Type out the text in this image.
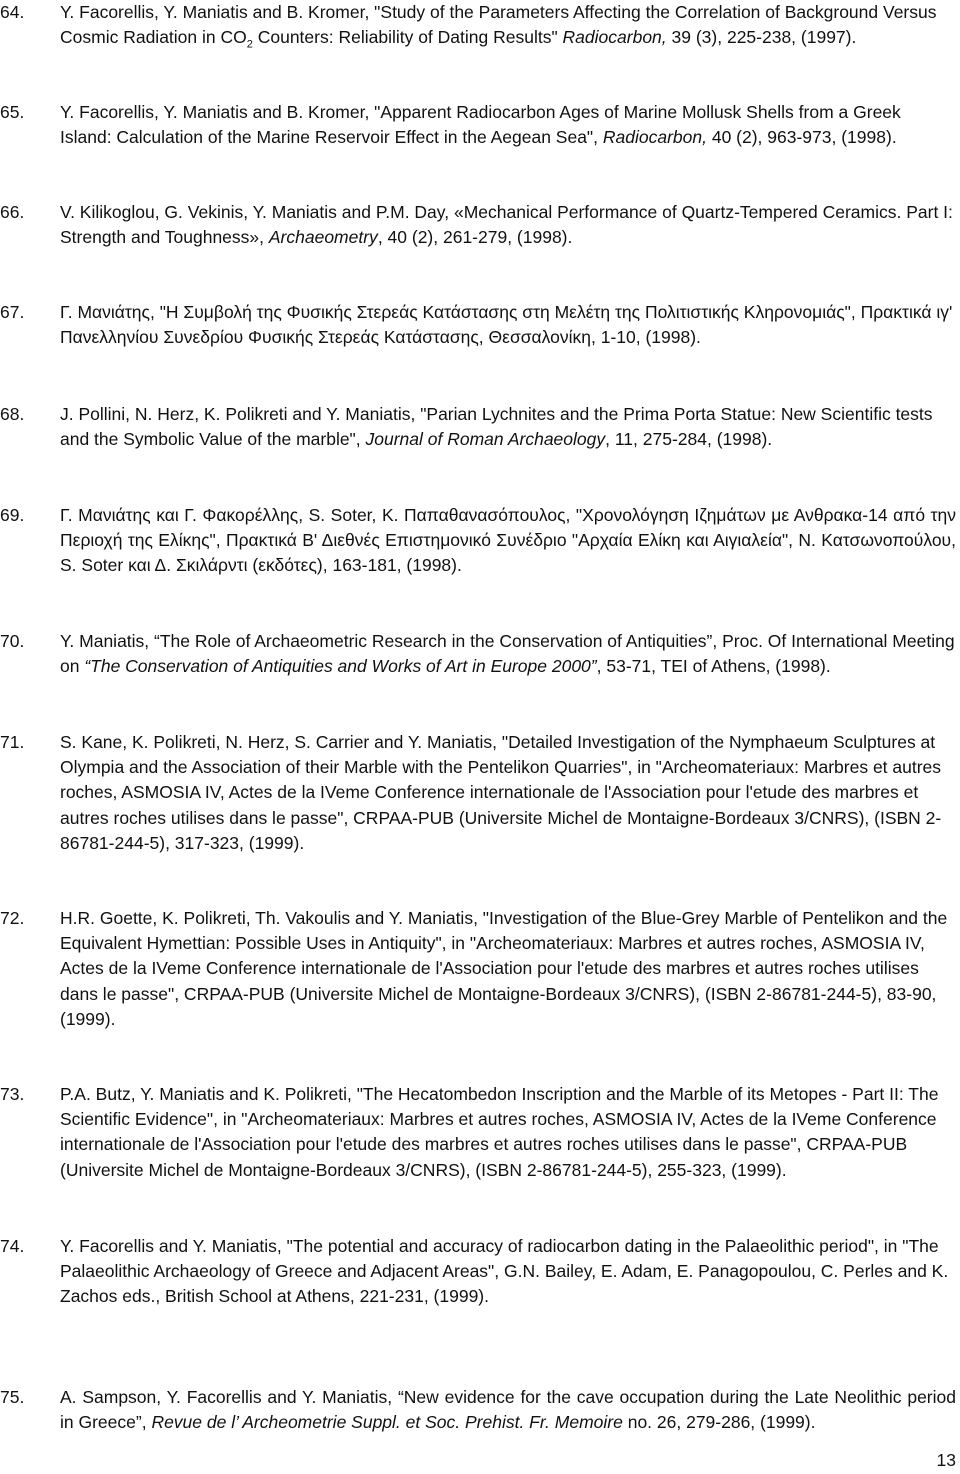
64.	Y. Facorellis, Y. Maniatis and B. Kromer, "Study of the Parameters Affecting the Correlation of Background Versus Cosmic Radiation in $CO_2$ Counters: Reliability of Dating Results" Radiocarbon, 39 (3), 225-238, (1997).
65.	Y. Facorellis, Y. Maniatis and B. Kromer, "Apparent Radiocarbon Ages of Marine Mollusk Shells from a Greek Island: Calculation of the Marine Reservoir Effect in the Aegean Sea", Radiocarbon, 40 (2), 963-973, (1998).
66.	V. Kilikoglou, G. Vekinis, Y. Maniatis and P.M. Day, «Mechanical Performance of Quartz-Tempered Ceramics. Part I: Strength and Toughness», Archaeometry, 40 (2), 261-279, (1998).
67.	Γ. Μανιάτης, "Η Συμβολή της Φυσικής Στερεάς Κατάστασης στη Μελέτη της Πολιτιστικής Κληρονομιάς", Πρακτικά ιγ' Πανελληνίου Συνεδρίου Φυσικής Στερεάς Κατάστασης, Θεσσαλονίκη, 1-10, (1998).
68.	J. Pollini, N. Herz, K. Polikreti and Y. Maniatis, "Parian Lychnites and the Prima Porta Statue: New Scientific tests and the Symbolic Value of the marble", Journal of Roman Archaeology, 11, 275-284, (1998).
69.	Γ. Μανιάτης και Γ. Φακορέλλης, S. Soter, Κ. Παπαθανασόπουλος, "Χρονολόγηση Ιζημάτων με Ανθρακα-14 από την Περιοχή της Ελίκης", Πρακτικά Β' Διεθνές Επιστημονικό Συνέδριο "Αρχαία Ελίκη και Αιγιαλεία", Ν. Κατσωνοπούλου, S. Soter και Δ. Σκιλάρντι (εκδότες), 163-181, (1998).
70.	Y. Maniatis, “The Role of Archaeometric Research in the Conservation of Antiquities”, Proc. Of International Meeting on “The Conservation of Antiquities and Works of Art in Europe 2000”, 53-71, TEI of Athens, (1998).
71.	S. Kane, K. Polikreti, N. Herz, S. Carrier and Y. Maniatis, "Detailed Investigation of the Nymphaeum Sculptures at Olympia and the Association of their Marble with the Pentelikon Quarries", in "Archeomateriaux: Marbres et autres roches, ASMOSIA IV, Actes de la IVeme Conference internationale de l'Association pour l'etude des marbres et autres roches utilises dans le passe", CRPAA-PUB (Universite Michel de Montaigne-Bordeaux 3/CNRS), (ISBN 2-86781-244-5), 317-323, (1999).
72.	H.R. Goette, K. Polikreti, Th. Vakoulis and Y. Maniatis, "Investigation of the Blue-Grey Marble of Pentelikon and the Equivalent Hymettian: Possible Uses in Antiquity", in "Archeomateriaux: Marbres et autres roches, ASMOSIA IV, Actes de la IVeme Conference internationale de l'Association pour l'etude des marbres et autres roches utilises dans le passe", CRPAA-PUB (Universite Michel de Montaigne-Bordeaux 3/CNRS), (ISBN 2-86781-244-5), 83-90, (1999).
73.	P.A. Butz, Y. Maniatis and K. Polikreti, "The Hecatombedon Inscription and the Marble of its Metopes - Part II: The Scientific Evidence", in "Archeomateriaux: Marbres et autres roches, ASMOSIA IV, Actes de la IVeme Conference internationale de l'Association pour l'etude des marbres et autres roches utilises dans le passe", CRPAA-PUB (Universite Michel de Montaigne-Bordeaux 3/CNRS), (ISBN 2-86781-244-5), 255-323, (1999).
74.	Y. Facorellis and Y. Maniatis, "The potential and accuracy of radiocarbon dating in the Palaeolithic period", in "The Palaeolithic Archaeology of Greece and Adjacent Areas", G.N. Bailey, E. Adam, E. Panagopoulou, C. Perles and K. Zachos eds., British School at Athens, 221-231, (1999).
75.	A. Sampson, Y. Facorellis and Y. Maniatis, “New evidence for the cave occupation during the Late Neolithic period in Greece”, Revue de l’ Archeometrie Suppl. et Soc. Prehist. Fr. Memoire no. 26, 279-286, (1999).
13
